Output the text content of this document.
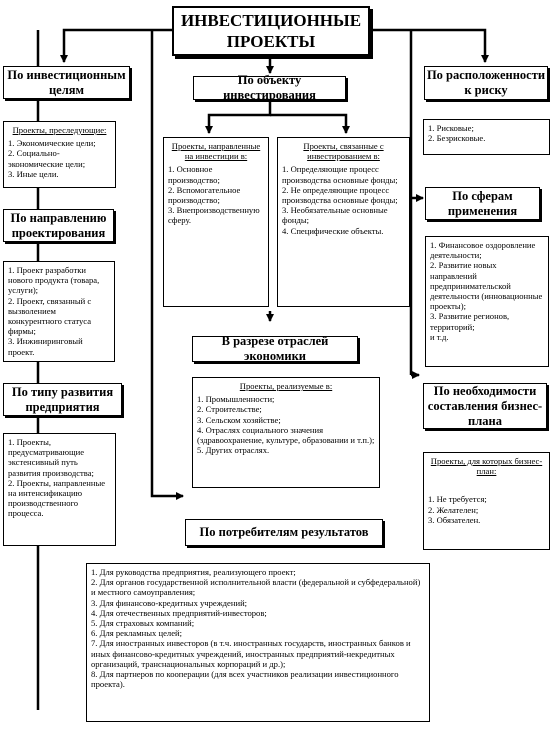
ИНВЕСТИЦИОННЫЕ ПРОЕКТЫ
По инвестиционным целям
Проекты, преследующие:
1. Экономические цели;
2. Социально-экономические цели;
3. Иные цели.
По объекту инвестирования
Проекты, направленные на инвестиции в:
1. Основное производство;
2. Вспомогательное производство;
3. Внепроизводственную сферу.
Проекты, связанные с инвестированием в:
1. Определяющие процесс производства основные фонды;
2. Не определяющие процесс производства основные фонды;
3. Необязательные основные фонды;
4. Специфические объекты.
По расположенности к риску
1. Рисковые;
2. Безрисковые.
По направлению проектирования
1. Проект разработки нового продукта (товара, услуги);
2. Проект, связанный с вызволением конкурентного статуса фирмы;
3. Инжиниринговый проект.
По сферам применения
1. Финансовое оздоровление деятельности;
2. Развитие новых направлений предпринимательской деятельности (инновационные проекты);
3. Развитие регионов, территорий;
и т.д.
В разрезе отраслей экономики
Проекты, реализуемые в:
1. Промышленности;
2. Строительстве;
3. Сельском хозяйстве;
4. Отраслях социального значения (здравоохранение, культуре, образовании и т.п.);
5. Других отраслях.
По типу развития предприятия
1. Проекты, предусматривающие экстенсивный путь развития производства;
2. Проекты, направленные на интенсификацию производственного процесса.
По необходимости составления бизнес-плана
Проекты, для которых бизнес-план:
1. Не требуется;
2. Желателен;
3. Обязателен.
По потребителям результатов
1. Для руководства предприятия, реализующего проект;
2. Для органов государственной исполнительной власти (федеральной и субфедеральной) и местного самоуправления;
3. Для финансово-кредитных учреждений;
4. Для отечественных предприятий-инвесторов;
5. Для страховых компаний;
6. Для рекламных целей;
7. Для иностранных инвесторов (в т.ч. иностранных государств, иностранных банков и иных финансово-кредитных учреждений, иностранных предприятий-некредитных организаций, транснациональных корпораций и др.);
8. Для партнеров по кооперации (для всех участников реализации инвестиционного проекта).
